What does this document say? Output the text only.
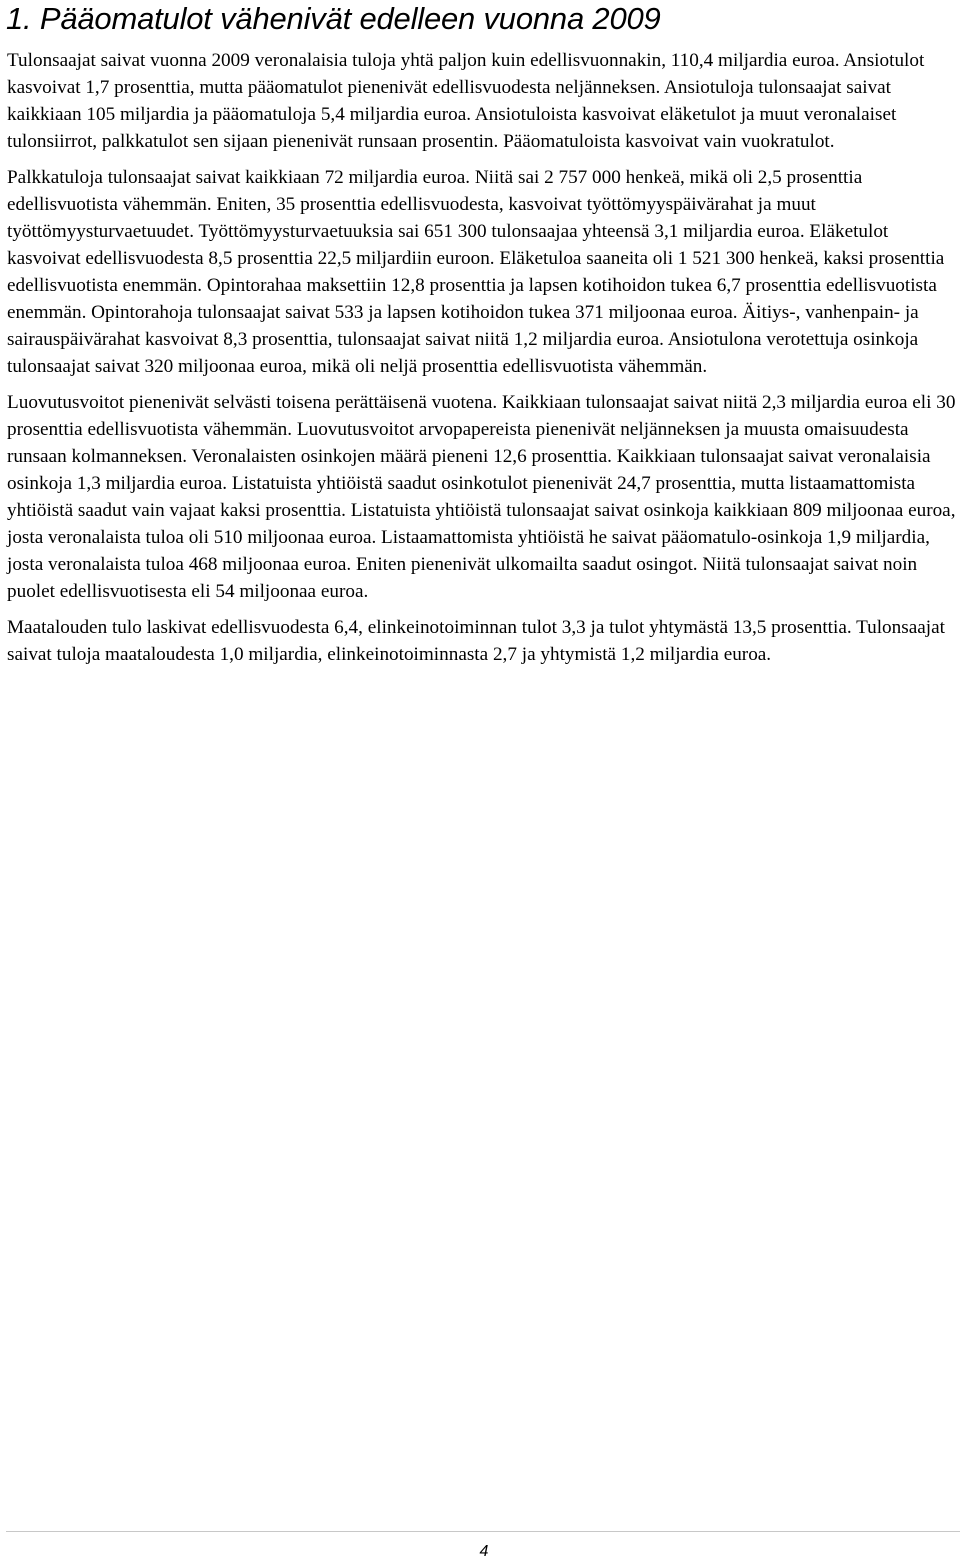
1. Pääomatulot vähenivät edelleen vuonna 2009

Tulonsaajat saivat vuonna 2009 veronalaisia tuloja yhtä paljon kuin edellisvuonnakin, 110,4 miljardia euroa. Ansiotulot kasvoivat 1,7 prosenttia, mutta pääomatulot pienenivät edellisvuodesta neljänneksen. Ansiotuloja tulonsaajat saivat kaikkiaan 105 miljardia ja pääomatuloja 5,4 miljardia euroa. Ansiotuloista kasvoivat eläketulot ja muut veronalaiset tulonsiirrot, palkkatulot sen sijaan pienenivät runsaan prosentin. Pääomatuloista kasvoivat vain vuokratulot.

Palkkatuloja tulonsaajat saivat kaikkiaan 72 miljardia euroa. Niitä sai 2 757 000 henkeä, mikä oli 2,5 prosenttia edellisvuotista vähemmän. Eniten, 35 prosenttia edellisvuodesta, kasvoivat työttömyyspäivärahat ja muut työttömyysturvaetuudet. Työttömyysturvaetuuksia sai 651 300 tulonsaajaa yhteensä 3,1 miljardia euroa. Eläketulot kasvoivat edellisvuodesta 8,5 prosenttia 22,5 miljardiin euroon. Eläketuloa saaneita oli 1 521 300 henkeä, kaksi prosenttia edellisvuotista enemmän. Opintorahaa maksettiin 12,8 prosenttia ja lapsen kotihoidon tukea 6,7 prosenttia edellisvuotista enemmän. Opintorahoja tulonsaajat saivat 533 ja lapsen kotihoidon tukea 371 miljoonaa euroa. Äitiys-, vanhenpain- ja sairauspäivärahat kasvoivat 8,3 prosenttia, tulonsaajat saivat niitä 1,2 miljardia euroa. Ansiotulona verotettuja osinkoja tulonsaajat saivat 320 miljoonaa euroa, mikä oli neljä prosenttia edellisvuotista vähemmän.

Luovutusvoitot pienenivät selvästi toisena perättäisenä vuotena. Kaikkiaan tulonsaajat saivat niitä 2,3 miljardia euroa eli 30 prosenttia edellisvuotista vähemmän. Luovutusvoitot arvopapereista pienenivät neljänneksen ja muusta omaisuudesta runsaan kolmanneksen. Veronalaisten osinkojen määrä pieneni 12,6 prosenttia. Kaikkiaan tulonsaajat saivat veronalaisia osinkoja 1,3 miljardia euroa. Listatuista yhtiöistä saadut osinkotulot pienenivät 24,7 prosenttia, mutta listaamattomista yhtiöistä saadut vain vajaat kaksi prosenttia. Listatuista yhtiöistä tulonsaajat saivat osinkoja kaikkiaan 809 miljoonaa euroa, josta veronalaista tuloa oli 510 miljoonaa euroa. Listaamattomista yhtiöistä he saivat pääomatulo-osinkoja 1,9 miljardia, josta veronalaista tuloa 468 miljoonaa euroa. Eniten pienenivät ulkomailta saadut osingot. Niitä tulonsaajat saivat noin puolet edellisvuotisesta eli 54 miljoonaa euroa.

Maatalouden tulo laskivat edellisvuodesta 6,4, elinkeinotoiminnan tulot 3,3 ja tulot yhtymästä 13,5 prosenttia. Tulonsaajat saivat tuloja maataloudesta 1,0 miljardia, elinkeinotoiminnasta 2,7 ja yhtymistä 1,2 miljardia euroa.

4
